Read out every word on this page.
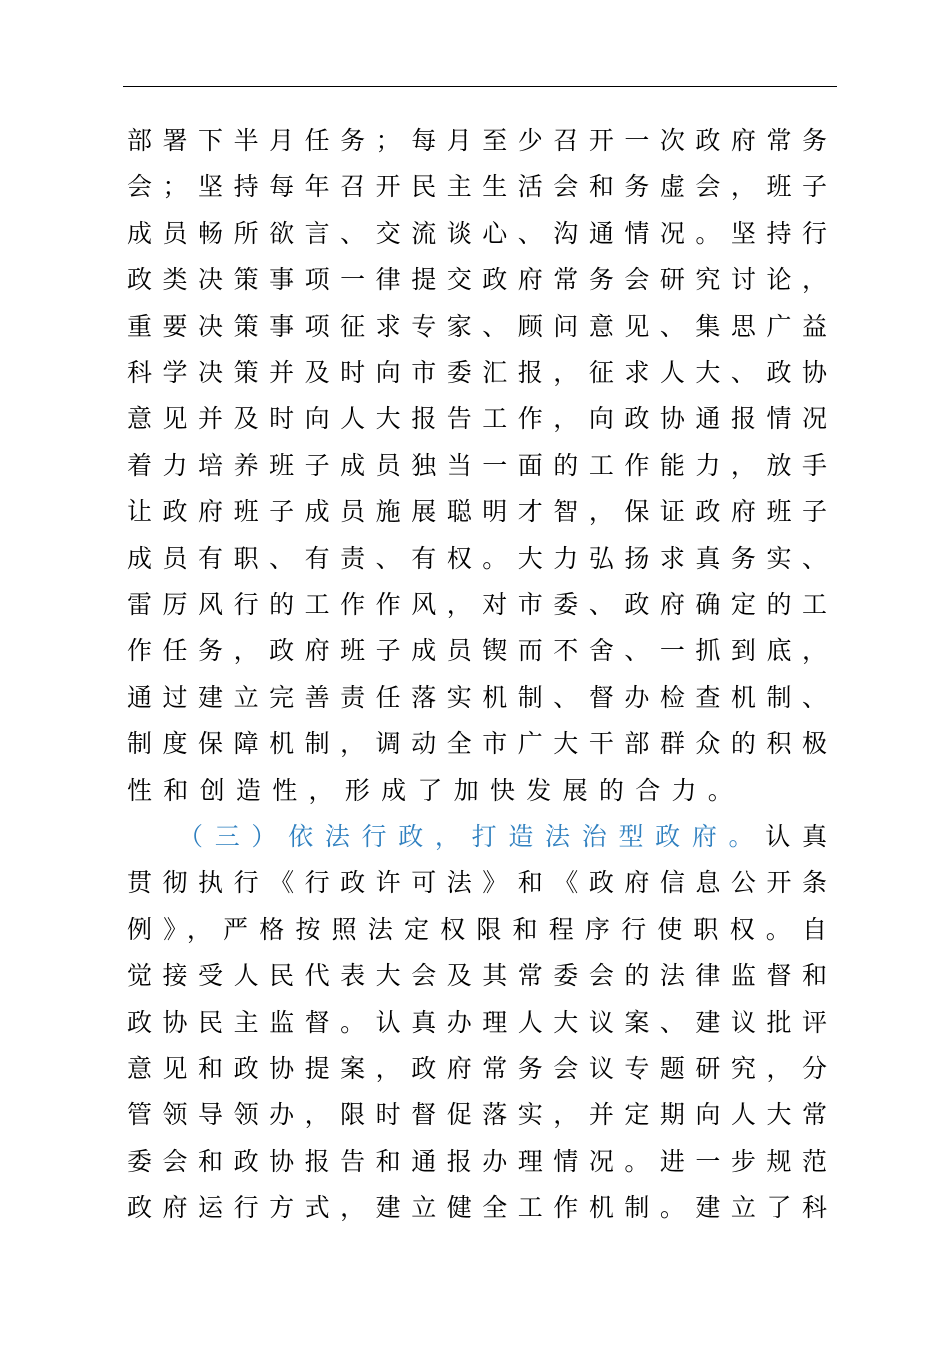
部署下半月任务；每月至少召开一次政府常务
会；坚持每年召开民主生活会和务虚会，班子
成员畅所欲言、交流谈心、沟通情况。坚持行
政类决策事项一律提交政府常务会研究讨论，
重要决策事项征求专家、顾问意见、集思广益
科学决策并及时向市委汇报，征求人大、政协
意见并及时向人大报告工作，向政协通报情况
着力培养班子成员独当一面的工作能力，放手
让政府班子成员施展聪明才智，保证政府班子
成员有职、有责、有权。大力弘扬求真务实、
雷厉风行的工作作风，对市委、政府确定的工
作任务，政府班子成员锲而不舍、一抓到底，
通过建立完善责任落实机制、督办检查机制、
制度保障机制，调动全市广大干部群众的积极
性和创造性，形成了加快发展的合力。
（三）依法行政，打造法治型政府。认真
贯彻执行《行政许可法》和《政府信息公开条
例》，严格按照法定权限和程序行使职权。自
觉接受人民代表大会及其常委会的法律监督和
政协民主监督。认真办理人大议案、建议批评
意见和政协提案，政府常务会议专题研究，分
管领导领办，限时督促落实，并定期向人大常
委会和政协报告和通报办理情况。进一步规范
政府运行方式，建立健全工作机制。建立了科
